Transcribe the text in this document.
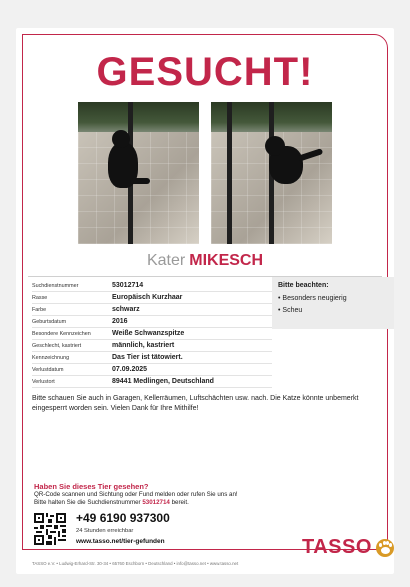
GESUCHT!
Kater MIKESCH
Suchdienstnummer	53012714
Rasse	Europäisch Kurzhaar
Farbe	schwarz
Geburtsdatum	2016
Besondere Kennzeichen	Weiße Schwanzspitze
Geschlecht, kastriert	männlich, kastriert
Kennzeichnung	Das Tier ist tätowiert.
Verlustdatum	07.09.2025
Verlustort	89441 Medlingen, Deutschland
Bitte beachten:
• Besonders neugierig
• Scheu
Bitte schauen Sie auch in Garagen, Kellerräumen, Luftschächten usw. nach. Die Katze könnte unbemerkt eingesperrt worden sein. Vielen Dank für Ihre Mithilfe!
Haben Sie dieses Tier gesehen?
QR-Code scannen und Sichtung oder Fund melden oder rufen Sie uns an!
Bitte halten Sie die Suchdienstnummer 53012714 bereit.
+49 6190 937300
24 Stunden erreichbar
www.tasso.net/tier-gefunden	TASSO
TASSO e.V. • Ludwig-Erhard-Str. 30-34 • 65760 Eschborn • Deutschland • info@tasso.net • www.tasso.net
